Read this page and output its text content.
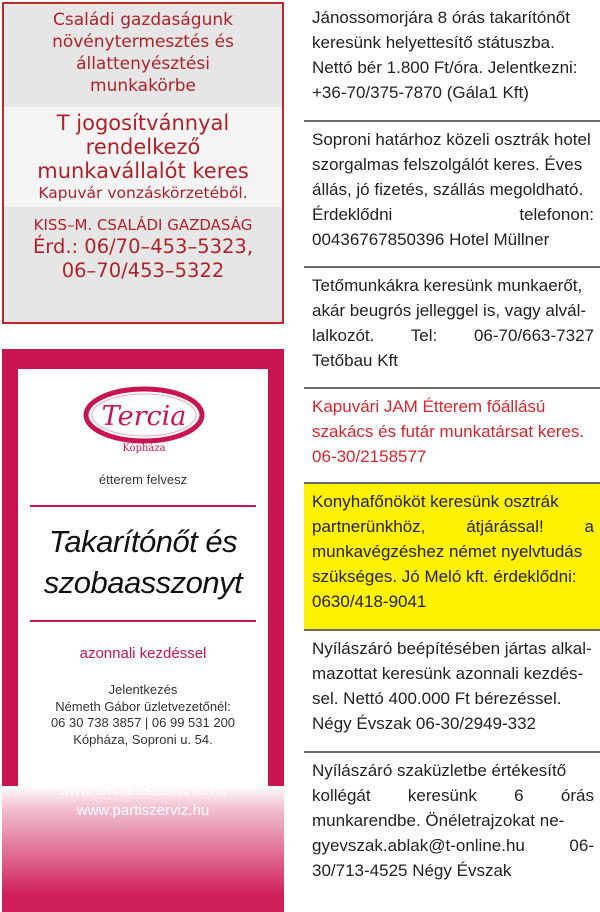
Családi gazdaságunk
növénytermesztés és
állattenyésztési
munkakörbe
T jogosítvánnyal
rendelkező
munkavállalót keres
Kapuvár vonzáskörzetéből.
KISS–M. CSALÁDI GAZDASÁG
Érd.: 06/70–453–5323,
06–70/453–5322
Tercia
Kópháza
étterem felvesz
Takarítónőt és
szobaasszonyt
azonnali kezdéssel
Jelentkezés
Németh Gábor üzletvezetőnél:
06 30 738 3857 | 06 99 531 200
Kópháza, Soproni u. 54.
www.terciarestaurants.hu
www.partiszerviz.hu
Jánossomorjára 8 órás takarítónőt
keresünk helyettesítő státuszba.
Nettó bér 1.800 Ft/óra. Jelentkezni:
+36-70/375-7870 (Gála1 Kft)
Soproni határhoz közeli osztrák hotel
szorgalmas felszolgálót keres. Éves
állás, jó fizetés, szállás megoldható.
Érdeklődni telefonon:
00436767850396 Hotel Müllner
Tetőmunkákra keresünk munkaerőt,
akár beugrós jelleggel is, vagy alvál-
lalkozót. Tel: 06-70/663-7327
Tetőbau Kft
Kapuvári JAM Étterem főállású
szakács és futár munkatársat keres.
06-30/2158577
Konyhafőnököt keresünk osztrák
partnerünkhöz, átjárással! a
munkavégzéshez német nyelvtudás
szükséges. Jó Meló kft. érdeklődni:
0630/418-9041
Nyílászáró beépítésében jártas alkal-
mazottat keresünk azonnali kezdés-
sel. Nettó 400.000 Ft bérezéssel.
Négy Évszak 06-30/2949-332
Nyílászáró szaküzletbe értékesítő
kollégát keresünk 6 órás
munkarendbe. Önéletrajzokat ne-
gyevszak.ablak@t-online.hu 06-
30/713-4525 Négy Évszak
